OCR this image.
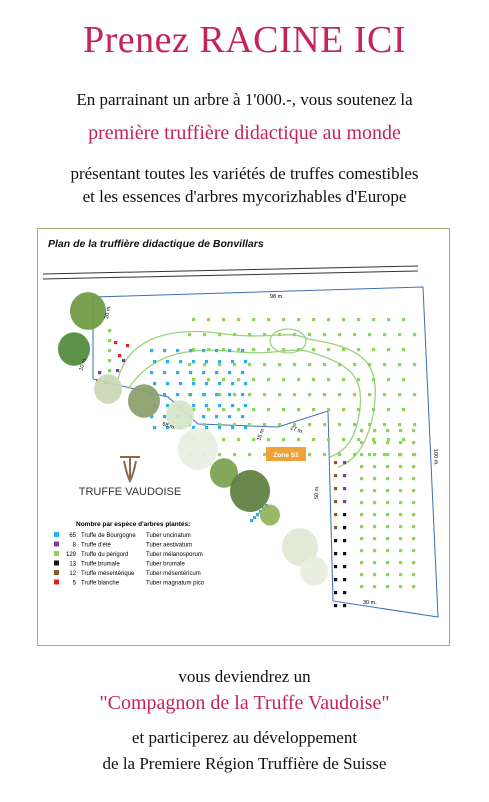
Prenez RACINE ICI
En parrainant un arbre à 1'000.-, vous soutenez la
première truffière didactique au monde
présentant toutes les variétés de truffes comestibles
et les essences d'arbres mycorizhables d'Europe
Plan de la truffière didactique de Bonvillars
Zone S1
98 m.
20 m.
10 m.
68 m.
100 m.
30 m.
15 m.	27 m.
50 m.
TRUFFE VAUDOISE
Nombre par espèce d'arbres plantés:
65 Truffe de Bourgogne Tuber uncinatum
8 Truffe d'été	Tuber aestivatum
129 Truffe du périgord	Tuber mélanosporum
13 Truffe brumale	Tuber brumale
12 Truffe mésentérique Tuber mésentéricum
5 Truffe blanche	Tuber magnatum pico
vous deviendrez un
"Compagnon de la Truffe Vaudoise"
et participerez au développement
de la Premiere Région Truffière de Suisse
